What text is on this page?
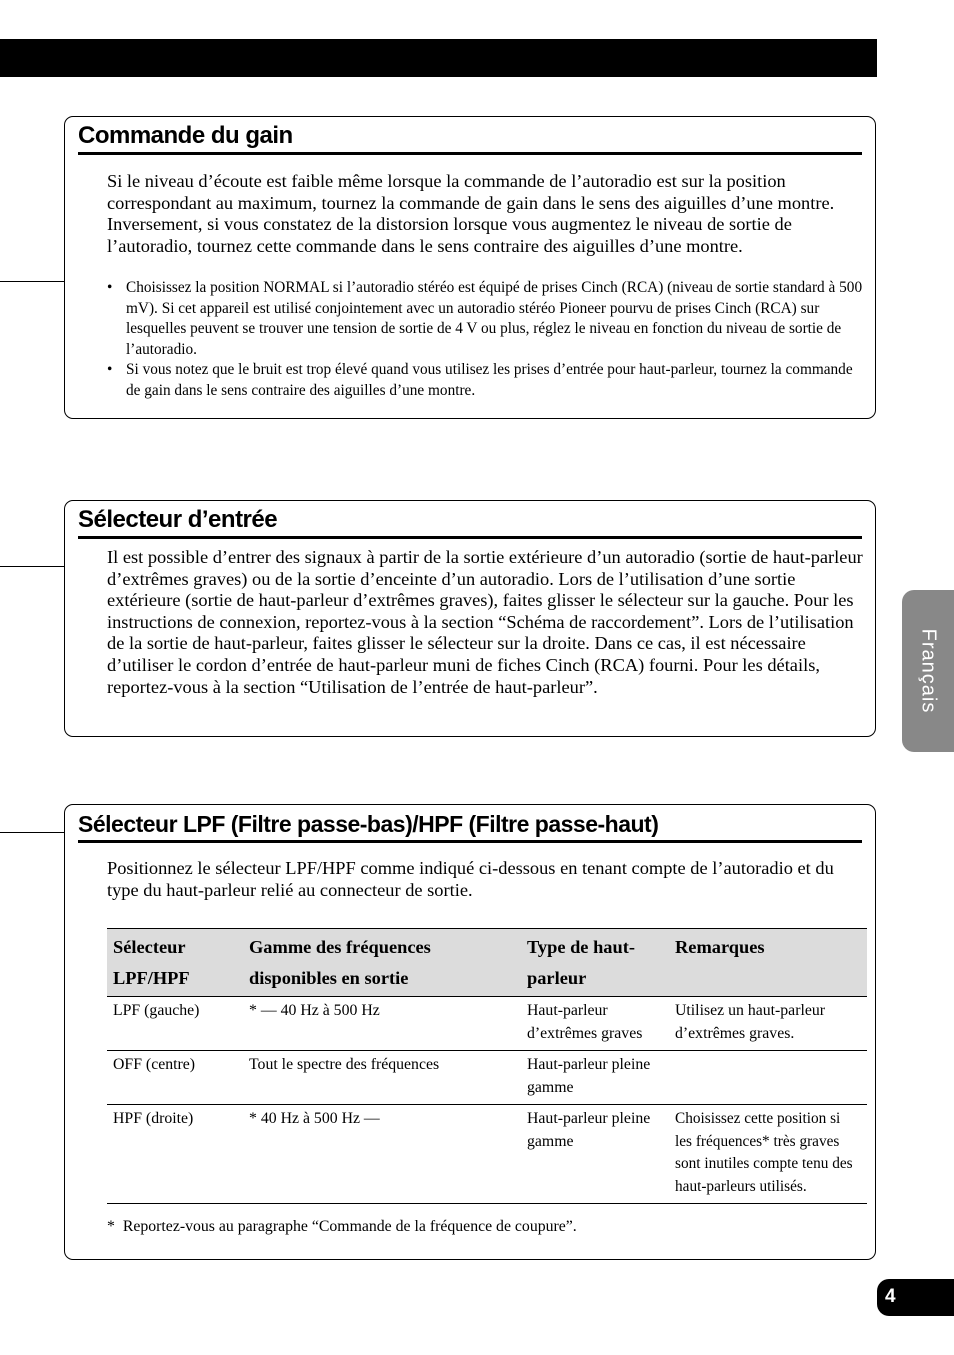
Commande du gain

Si le niveau d’écoute est faible même lorsque la commande de l’autoradio est sur la position correspondant au maximum, tournez la commande de gain dans le sens des aiguilles d’une montre. Inversement, si vous constatez de la distorsion lorsque vous augmentez le niveau de sortie de l’autoradio, tournez cette commande dans le sens contraire des aiguilles d’une montre.

• Choisissez la position NORMAL si l’autoradio stéréo est équipé de prises Cinch (RCA) (niveau de sortie standard à 500 mV). Si cet appareil est utilisé conjointement avec un autoradio stéréo Pioneer pourvu de prises Cinch (RCA) sur lesquelles peuvent se trouver une tension de sortie de 4 V ou plus, réglez le niveau en fonction du niveau de sortie de l’autoradio.
• Si vous notez que le bruit est trop élevé quand vous utilisez les prises d’entrée pour haut-parleur, tournez la commande de gain dans le sens contraire des aiguilles d’une montre.
Sélecteur d’entrée

Il est possible d’entrer des signaux à partir de la sortie extérieure d’un autoradio (sortie de haut-parleur d’extrêmes graves) ou de la sortie d’enceinte d’un autoradio. Lors de l’utilisation d’une sortie extérieure (sortie de haut-parleur d’extrêmes graves), faites glisser le sélecteur sur la gauche. Pour les instructions de connexion, reportez-vous à la section “Schéma de raccordement”. Lors de l’utilisation de la sortie de haut-parleur, faites glisser le sélecteur sur la droite. Dans ce cas, il est nécessaire d’utiliser le cordon d’entrée de haut-parleur muni de fiches Cinch (RCA) fourni. Pour les détails, reportez-vous à la section “Utilisation de l’entrée de haut-parleur”.

Sélecteur LPF (Filtre passe-bas)/HPF (Filtre passe-haut)

Positionnez le sélecteur LPF/HPF comme indiqué ci-dessous en tenant compte de l’autoradio et du type du haut-parleur relié au connecteur de sortie.

Sélecteur LPF/HPF	Gamme des fréquences disponibles en sortie	Type de haut-parleur	Remarques
LPF (gauche)	* — 40 Hz à 500 Hz	Haut-parleur d’extrêmes graves	Utilisez un haut-parleur d’extrêmes graves.
OFF (centre)	Tout le spectre des fréquences	Haut-parleur pleine gamme	
HPF (droite)	* 40 Hz à 500 Hz —	Haut-parleur pleine gamme	Choisissez cette position si les fréquences* très graves sont inutiles compte tenu des haut-parleurs utilisés.
* Reportez-vous au paragraphe “Commande de la fréquence de coupure”.
Français
4
